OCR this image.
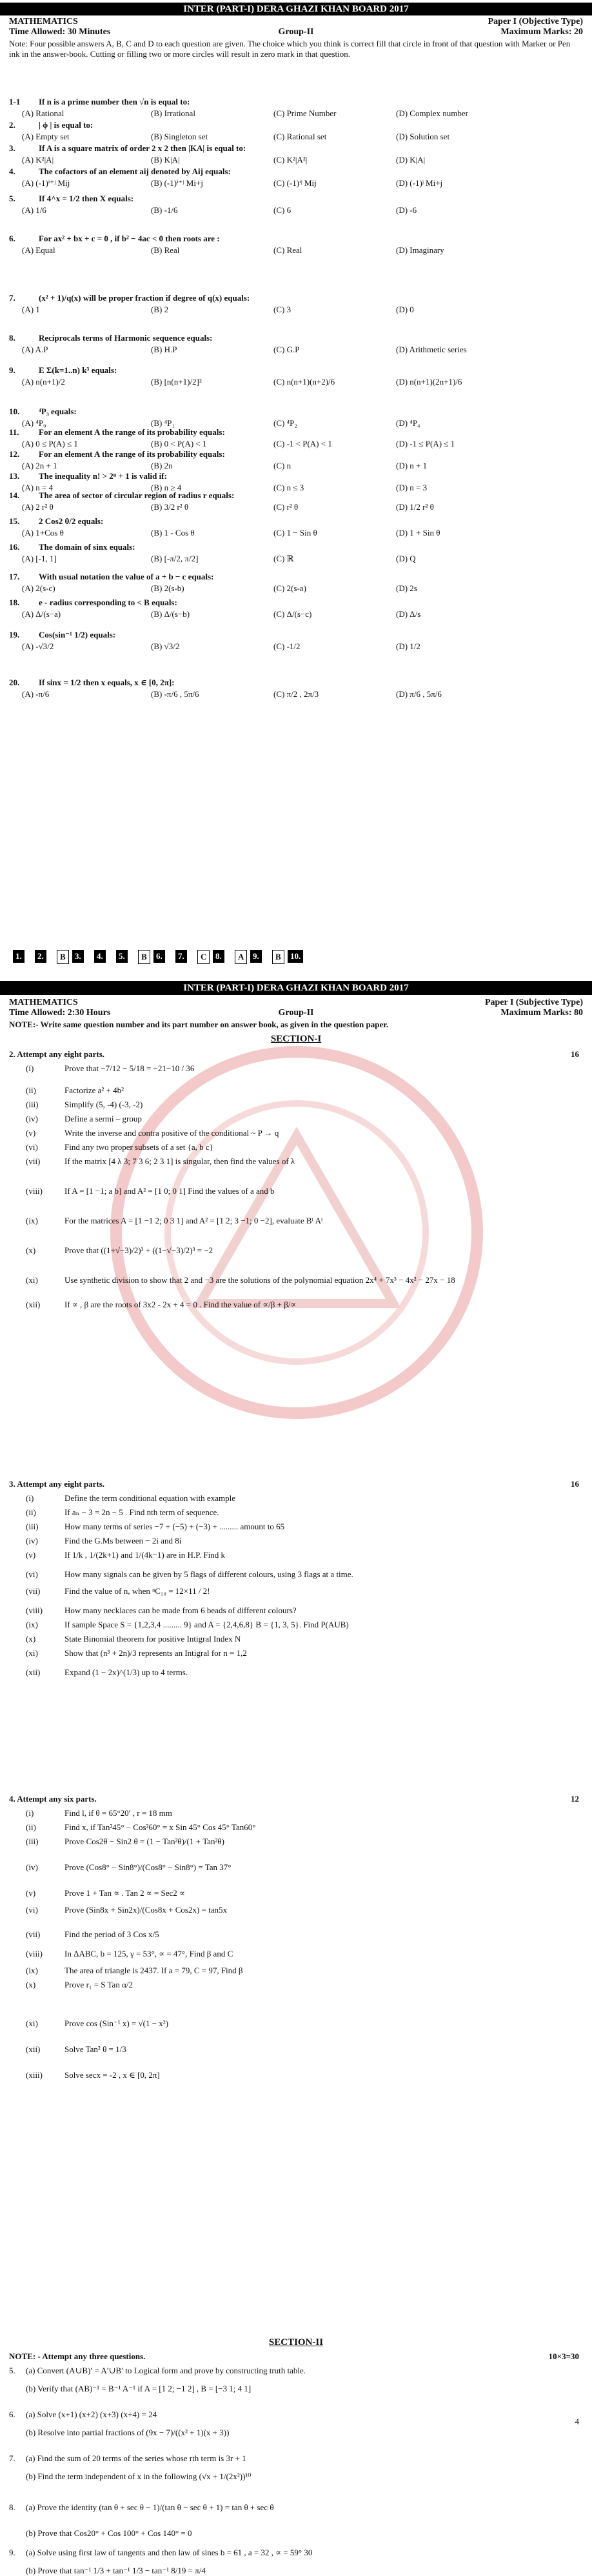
INTER (PART-I) DERA GHAZI KHAN BOARD 2017
MATHEMATICS	Paper I (Objective Type)
Time Allowed: 30 Minutes	Group-II	Maximum Marks: 20
Note: Four possible answers A, B, C and D to each question are given. The choice which you think is correct fill that circle in front of that question with Marker or Pen ink in the answer-book. Cutting or filling two or more circles will result in zero mark in that question.
1-1 If n is a prime number then √n is equal to:
(A) Rational	(B) Irrational	(C) Prime Number	(D) Complex number
2.	| ϕ | is equal to:
(A) Empty set	(B) Singleton set	(C) Rational set	(D) Solution set
3.	If A is a square matrix of order 2 x 2 then |KA| is equal to:
(A) K²|A|	(B) K|A|	(C) K²|A²|	(D) K|A|
4.	The cofactors of an element aij denoted by Aij equals:
(A) (-1)ⁱ⁺ʲ Mij	(B) (-1)ⁱ⁺ʲ Mi+j	(C) (-1)ⁱʲ Mij	(D) (-1)ʲ Mi+j
5.	If 4^x = 1/2 then X equals:
(A) 1/6	(B) -1/6	(C) 6	(D) -6
6.	For ax² + bx + c = 0 , if b² − 4ac < 0 then roots are :
(A) Equal	(B) Real	(C) Real	(D) Imaginary
7.	(x² + 1)/q(x) will be proper fraction if degree of q(x) equals:
(A) 1	(B) 2	(C) 3	(D) 0
8.	Reciprocals terms of Harmonic sequence equals:
(A) A.P	(B) H.P	(C) G.P	(D) Arithmetic series
9.	E Σ(k=1..n) k³ equals:
(A) n(n+1)/2	(B) [n(n+1)/2]²	(C) n(n+1)(n+2)/6	(D) n(n+1)(2n+1)/6
10. ⁴P₃ equals:
(A) ⁴P₀	(B) ⁴P₁	(C) ⁴P₂	(D) ⁴P₄
11. For an element A the range of its probability equals:
(A) 0 ≤ P(A) ≤ 1	(B) 0 < P(A) < 1	(C) -1 < P(A) < 1	(D) -1 ≤ P(A) ≤ 1
12. For an element A the range of its probability equals:
(A) 2n + 1	(B) 2n	(C) n	(D) n + 1
13. The inequality n! > 2ⁿ + 1 is valid if:
(A) n = 4	(B) n ≥ 4	(C) n ≤ 3	(D) n = 3
14. The area of sector of circular region of radius r equals:
(A) 2 r² θ	(B) 3/2 r² θ	(C) r² θ	(D) 1/2 r² θ
15. 2 Cos2 θ/2 equals:
(A) 1+Cos θ	(B) 1 - Cos θ	(C) 1 − Sin θ	(D) 1 + Sin θ
16. The domain of sinx equals:
(A) [-1, 1]	(B) [-π/2, π/2]	(C) ℝ	(D) Q
17. With usual notation the value of a + b − c equals:
(A) 2(s-c)	(B) 2(s-b)	(C) 2(s-a)	(D) 2s
18. e - radius corresponding to < B equals:
(A) Δ/(s−a)	(B) Δ/(s−b)	(C) Δ/(s−c)	(D) Δ/s
19. Cos(sin⁻¹ 1/2) equals:
(A) -√3/2	(B) √3/2	(C) -1/2	(D) 1/2
20. If sinx = 1/2 then x equals, x ∈ [0, 2π]:
(A) -π/6	(B) -π/6 , 5π/6	(C) π/2 , 2π/3	(D) π/6 , 5π/6
1.	2.	B	3.	4.	5.	B	6.	7.	C	8.	A	9.	B	10.
INTER (PART-I) DERA GHAZI KHAN BOARD 2017
MATHEMATICS	Paper I (Subjective Type)
Time Allowed: 2:30 Hours	Group-II	Maximum Marks: 80
NOTE:- Write same question number and its part number on answer book, as given in the question paper.
SECTION-I
2. Attempt any eight parts.	16
(i)	Prove that −7/12 − 5/18 = −21−10 / 36
(ii)	Factorize a² + 4b²
(iii)	Simplify (5, -4) (-3, -2)
(iv)	Define a sermi – group
(v)	Write the inverse and contra positive of the conditional ~ P → q
(vi)	Find any two proper subsets of a set {a, b c}
(vii)	If the matrix [4 λ 3; 7 3 6; 2 3 1] is singular, then find the values of λ
(viii)	If A = [1 −1; a b] and A² = [1 0; 0 1] Find the values of a and b
(ix)	For the matrices A = [1 −1 2; 0 3 1] and A² = [1 2; 3 −1; 0 −2], evaluate Bᵗ Aᵗ
(x)	Prove that ((1+√−3)/2)³ + ((1−√−3)/2)³ = −2
(xi)	Use synthetic division to show that 2 and −3 are the solutions of the polynomial equation 2x⁴ + 7x³ − 4x² − 27x − 18
(xii)	If ∝ , β are the roots of 3x2 - 2x + 4 = 0 . Find the value of ∝/β + β/∝
3. Attempt any eight parts.	16
(i)	Define the term conditional equation with example
(ii)	If aₙ − 3 = 2n − 5 . Find nth term of sequence.
(iii)	How many terms of series −7 + (−5) + (−3) + ......... amount to 65
(iv)	Find the G.Ms between − 2i and 8i
(v)	If 1/k , 1/(2k+1) and 1/(4k−1) are in H.P. Find k
(vi)	How many signals can be given by 5 flags of different colours, using 3 flags at a time.
(vii)	Find the value of n, when ⁿC₁₀ = 12×11 / 2!
(viii)	How many necklaces can be made from 6 beads of different colours?
(ix)	If sample Space S = {1,2,3,4 ......... 9} and A = {2,4,6,8} B = {1, 3, 5}. Find P(AUB)
(x)	State Binomial theorem for positive Intigral Index N
(xi)	Show that (n³ + 2n)/3 represents an Intigral for n = 1,2
(xii)	Expand (1 − 2x)^(1/3) up to 4 terms.
4. Attempt any six parts.	12
(i)	Find l, if θ = 65°20′ , r = 18 mm
(ii)	Find x, if Tan²45° − Cos²60° = x Sin 45° Cos 45° Tan60°
(iii)	Prove Cos2θ − Sin2 θ = (1 − Tan²θ)/(1 + Tan²θ)
(iv)	Prove (Cos8° − Sin8°)/(Cos8° − Sin8°) = Tan 37°
(v)	Prove 1 + Tan ∝ . Tan 2 ∝ = Sec2 ∝
(vi)	Prove (Sin8x + Sin2x)/(Cos8x + Cos2x) = tan5x
(vii)	Find the period of 3 Cos x/5
(viii)	In ΔABC, b = 125, γ = 53°, ∝ = 47°, Find β and C
(ix)	The area of triangle is 2437. If a = 79, C = 97, Find β
(x)	Prove r₁ = S Tan α/2
(xi)	Prove cos (Sin⁻¹ x) = √(1 − x²)
(xii)	Solve Tan² θ = 1/3
(xiii)	Solve secx = -2 , x ∈ [0, 2π]
SECTION-II
NOTE: - Attempt any three questions.	10×3=30
4
5. (a) Convert (A∪B)′ = A′∪B′ to Logical form and prove by constructing truth table.
(b) Verify that (AB)⁻¹ = B⁻¹ A⁻¹ if A = [1 2; −1 2] , B = [−3 1; 4 1]
6. (a) Solve (x+1) (x+2) (x+3) (x+4) = 24
(b) Resolve into partial fractions of (9x − 7)/((x² + 1)(x + 3))
7. (a) Find the sum of 20 terms of the series whose rth term is 3r + 1
(b) Find the term independent of x in the following (√x + 1/(2x²))¹⁰
8. (a) Prove the identity (tan θ + sec θ − 1)/(tan θ − sec θ + 1) = tan θ + sec θ
(b) Prove that Cos20° + Cos 100° + Cos 140° = 0
9. (a) Solve using first law of tangents and then law of sines b = 61 , a = 32 , ∝ = 59° 30
(b) Prove that tan⁻¹ 1/3 + tan⁻¹ 1/3 − tan⁻¹ 8/19 = π/4
